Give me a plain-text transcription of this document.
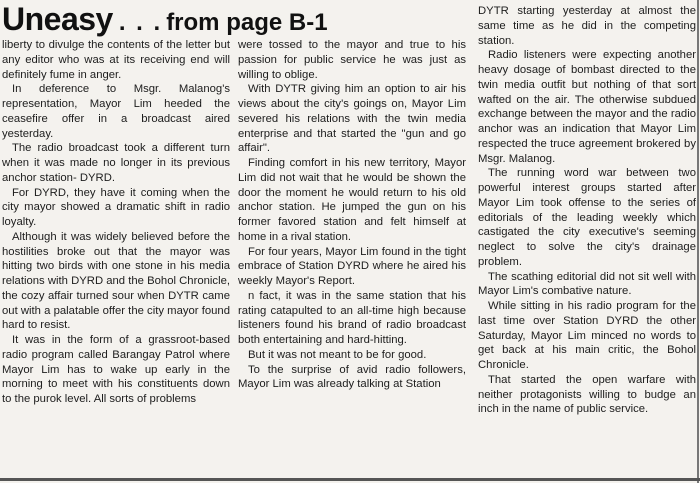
Uneasy . . . from page B-1

liberty to divulge the contents of the letter but any editor who was at its receiving end will definitely fume in anger.

In deference to Msgr. Malanog's representation, Mayor Lim heeded the ceasefire offer in a broadcast aired yesterday.

The radio broadcast took a different turn when it was made no longer in its previous anchor station- DYRD.

For DYRD, they have it coming when the city mayor showed a dramatic shift in radio loyalty.

Although it was widely believed before the hostilities broke out that the mayor was hitting two birds with one stone in his media relations with DYRD and the Bohol Chronicle, the cozy affair turned sour when DYTR came out with a palatable offer the city mayor found hard to resist.

It was in the form of a grassroot-based radio program called Barangay Patrol where Mayor Lim has to wake up early in the morning to meet with his constituents down to the purok level. All sorts of problems

were tossed to the mayor and true to his passion for public service he was just as willing to oblige.

With DYTR giving him an option to air his views about the city's goings on, Mayor Lim severed his relations with the twin media enterprise and that started the "gun and go affair".

Finding comfort in his new territory, Mayor Lim did not wait that he would be shown the door the moment he would return to his old anchor station. He jumped the gun on his former favored station and felt himself at home in a rival station.

For four years, Mayor Lim found in the tight embrace of Station DYRD where he aired his weekly Mayor's Report.

n fact, it was in the same station that his rating catapulted to an all-time high because listeners found his brand of radio broadcast both entertaining and hard-hitting.

But it was not meant to be for good.

To the surprise of avid radio followers, Mayor Lim was already talking at Station

DYTR starting yesterday at almost the same time as he did in the competing station.

Radio listeners were expecting another heavy dosage of bombast directed to the twin media outfit but nothing of that sort wafted on the air. The otherwise subdued exchange between the mayor and the radio anchor was an indication that Mayor Lim respected the truce agreement brokered by Msgr. Malanog.

The running word war between two powerful interest groups started after Mayor Lim took offense to the series of editorials of the leading weekly which castigated the city executive's seeming neglect to solve the city's drainage problem.

The scathing editorial did not sit well with Mayor Lim's combative nature.

While sitting in his radio program for the last time over Station DYRD the other Saturday, Mayor Lim minced no words to get back at his main critic, the Bohol Chronicle.

That started the open warfare with neither protagonists willing to budge an inch in the name of public service.
